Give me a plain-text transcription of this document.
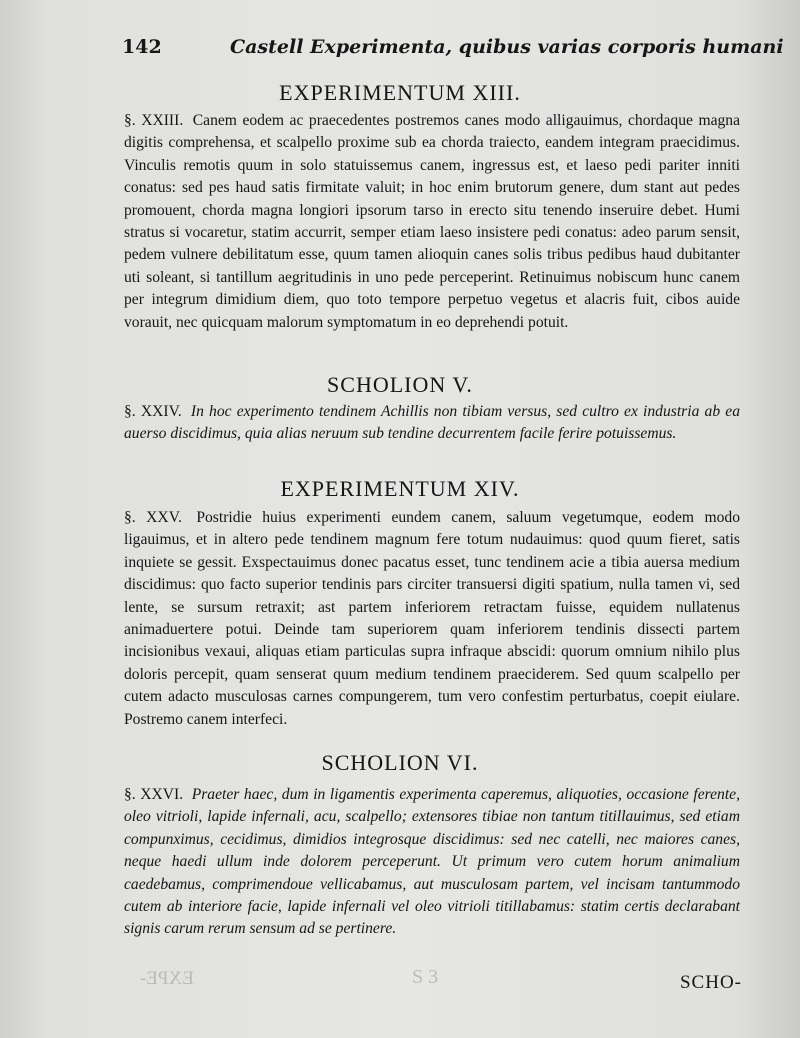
EXPE-	S 3
142	Castell Experimenta, quibus varias corporis humani
EXPERIMENTUM XIII.
§. XXIII. Canem eodem ac praecedentes postremos canes modo alligauimus, chordaque magna digitis comprehensa, et scalpello proxime sub ea chorda traiecto, eandem integram praecidimus. Vinculis remotis quum in solo statuissemus canem, ingressus est, et laeso pedi pariter inniti conatus: sed pes haud satis firmitate valuit; in hoc enim brutorum genere, dum stant aut pedes promouent, chorda magna longiori ipsorum tarso in erecto situ tenendo inseruire debet. Humi stratus si vocaretur, statim accurrit, semper etiam laeso insistere pedi conatus: adeo parum sensit, pedem vulnere debilitatum esse, quum tamen alioquin canes solis tribus pedibus haud dubitanter uti soleant, si tantillum aegritudinis in uno pede perceperint. Retinuimus nobiscum hunc canem per integrum dimidium diem, quo toto tempore perpetuo vegetus et alacris fuit, cibos auide vorauit, nec quicquam malorum symptomatum in eo deprehendi potuit.
SCHOLION V.
§. XXIV. In hoc experimento tendinem Achillis non tibiam versus, sed cultro ex industria ab ea auerso discidimus, quia alias neruum sub tendine decurrentem facile ferire potuissemus.
EXPERIMENTUM XIV.
§. XXV. Postridie huius experimenti eundem canem, saluum vegetumque, eodem modo ligauimus, et in altero pede tendinem magnum fere totum nudauimus: quod quum fieret, satis inquiete se gessit. Exspectauimus donec pacatus esset, tunc tendinem acie a tibia auersa medium discidimus: quo facto superior tendinis pars circiter transuersi digiti spatium, nulla tamen vi, sed lente, se sursum retraxit; ast partem inferiorem retractam fuisse, equidem nullatenus animaduertere potui. Deinde tam superiorem quam inferiorem tendinis dissecti partem incisionibus vexaui, aliquas etiam particulas supra infraque abscidi: quorum omnium nihilo plus doloris percepit, quam senserat quum medium tendinem praeciderem. Sed quum scalpello per cutem adacto musculosas carnes compungerem, tum vero confestim perturbatus, coepit eiulare. Postremo canem interfeci.
SCHOLION VI.
§. XXVI. Praeter haec, dum in ligamentis experimenta caperemus, aliquoties, occasione ferente, oleo vitrioli, lapide infernali, acu, scalpello; extensores tibiae non tantum titillauimus, sed etiam compunximus, cecidimus, dimidios integrosque discidimus: sed nec catelli, nec maiores canes, neque haedi ullum inde dolorem perceperunt. Ut primum vero cutem horum animalium caedebamus, comprimendoue vellicabamus, aut musculosam partem, vel incisam tantummodo cutem ab interiore facie, lapide infernali vel oleo vitrioli titillabamus: statim certis declarabant signis carum rerum sensum ad se pertinere.
SCHO-
